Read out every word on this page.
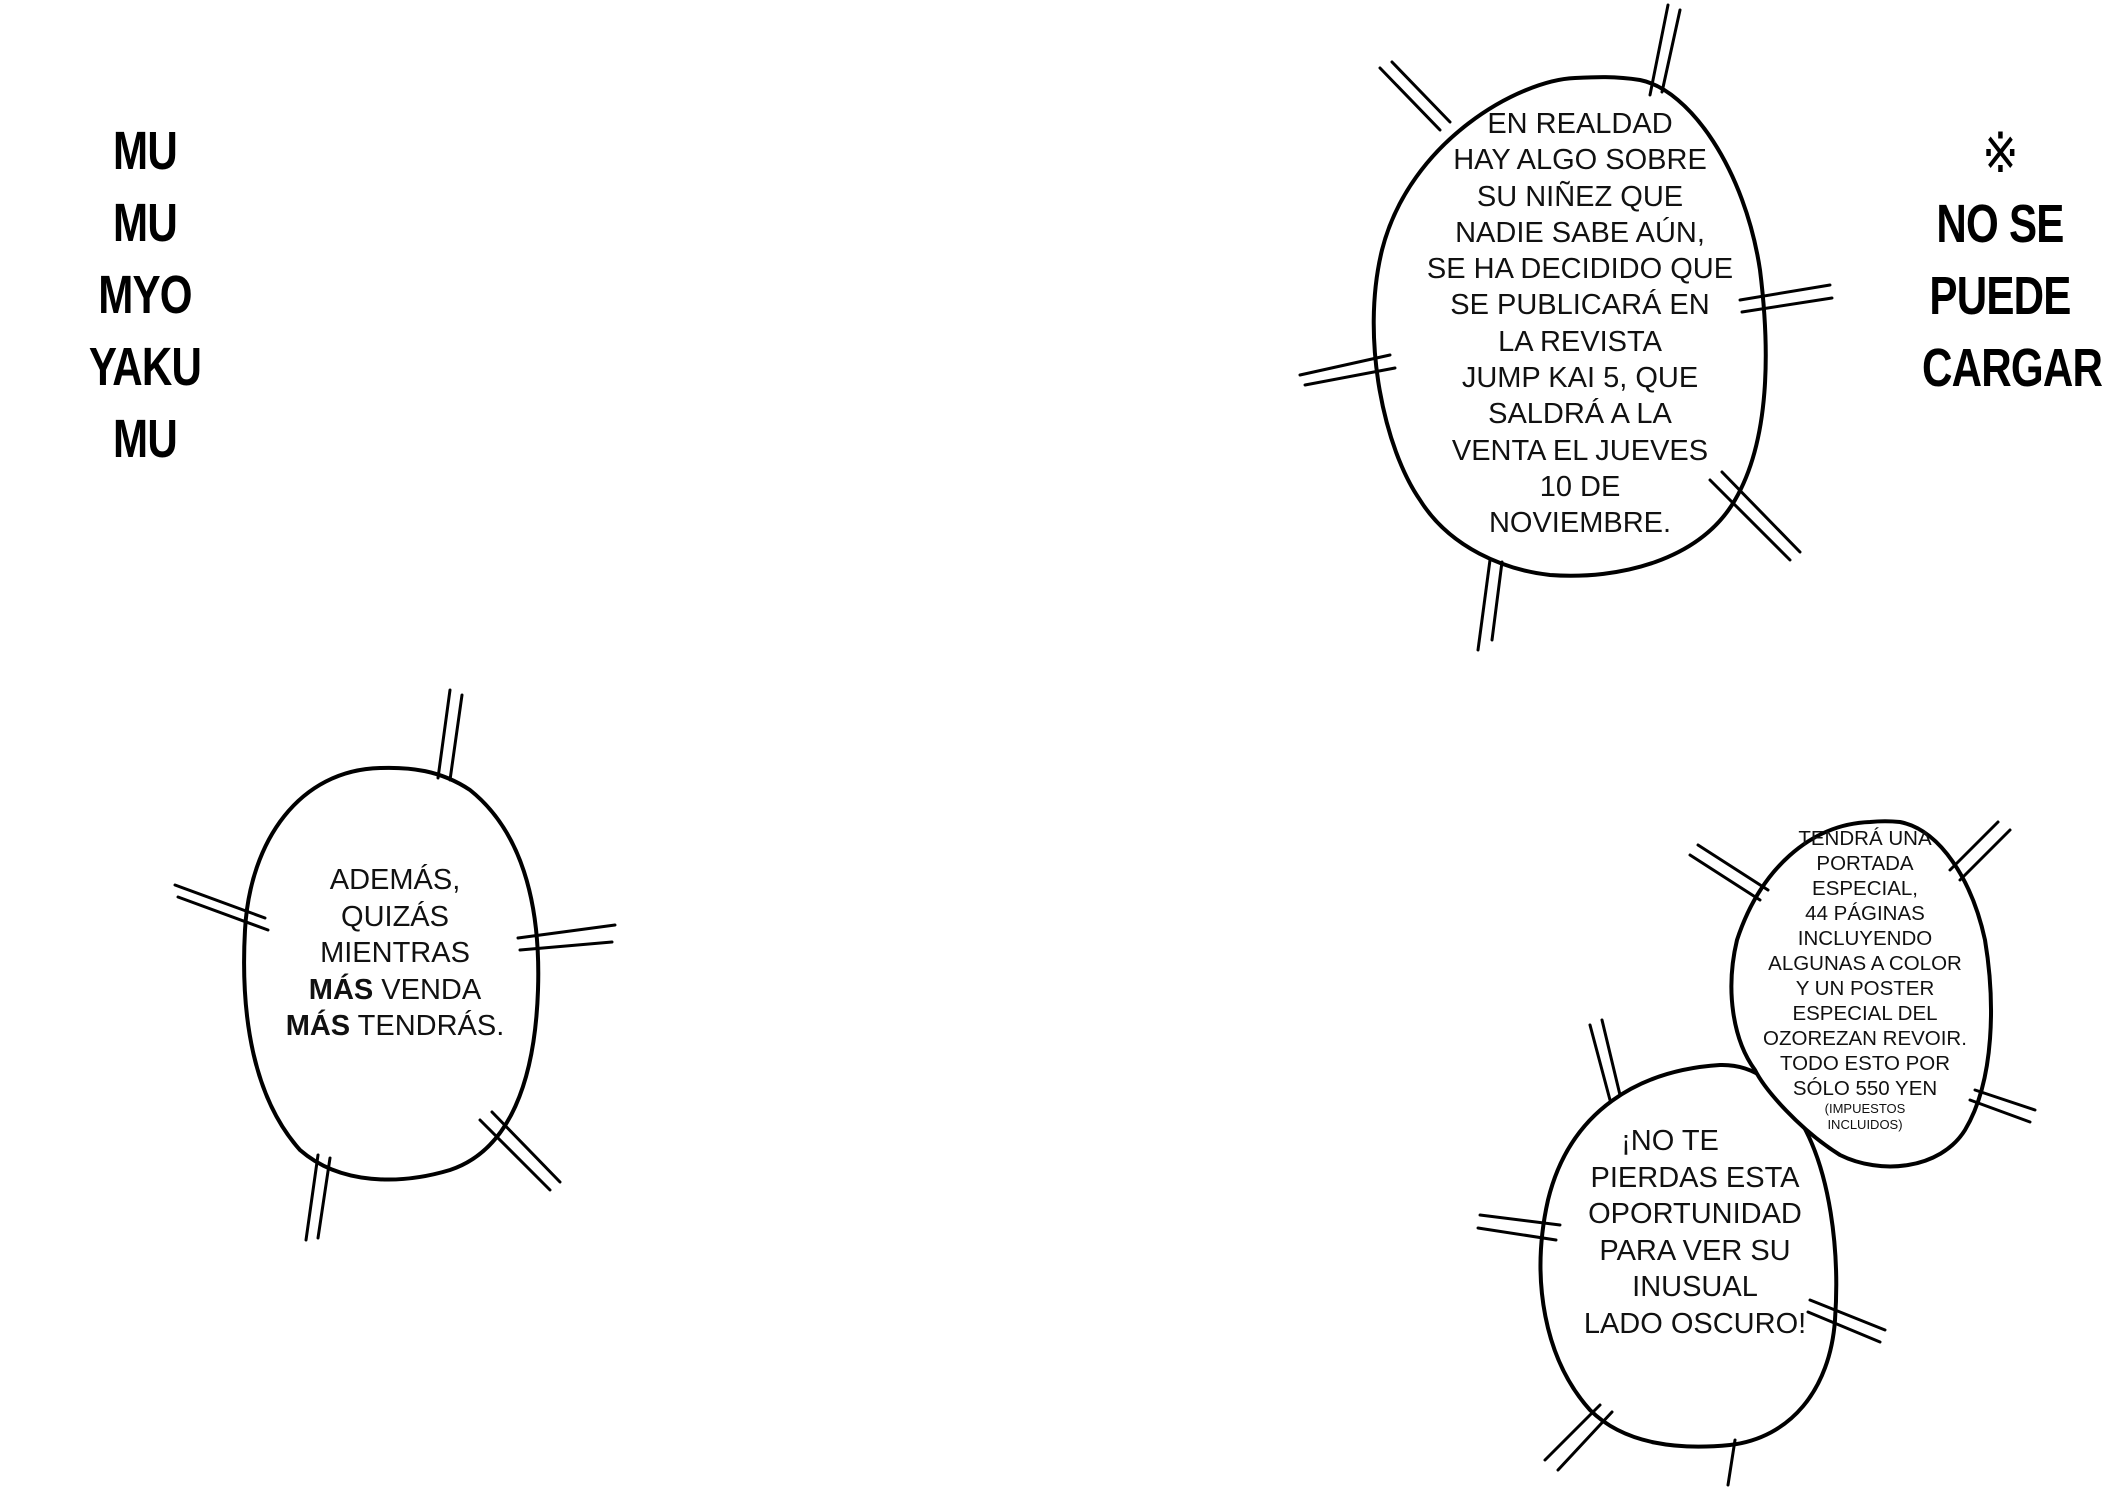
MU
MU
MYO
YAKU
MU
※
NO SE
PUEDE
CARGAR
EN REALDAD
HAY ALGO SOBRE
SU NIÑEZ QUE
NADIE SABE AÚN,
SE HA DECIDIDO QUE
SE PUBLICARÁ EN
LA REVISTA
JUMP KAI 5, QUE
SALDRÁ A LA
VENTA EL JUEVES
10 DE
NOVIEMBRE.
ADEMÁS,
QUIZÁS
MIENTRAS
MÁS VENDA
MÁS TENDRÁS.
TENDRÁ UNA
PORTADA
ESPECIAL,
44 PÁGINAS
INCLUYENDO
ALGUNAS A COLOR
Y UN POSTER
ESPECIAL DEL
OZOREZAN REVOIR.
TODO ESTO POR
SÓLO 550 YEN
(IMPUESTOS
INCLUIDOS)
¡NO TE
PIERDAS ESTA
OPORTUNIDAD
PARA VER SU
INUSUAL
LADO OSCURO!
